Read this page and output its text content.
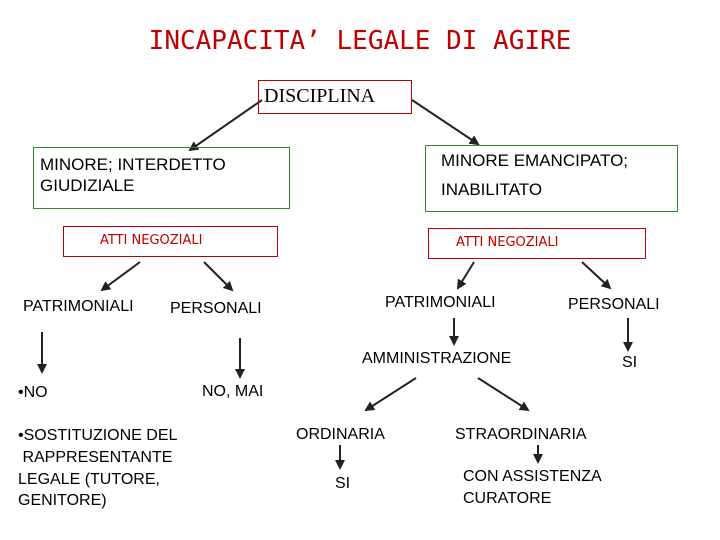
INCAPACITA’ LEGALE DI AGIRE
DISCIPLINA
MINORE; INTERDETTO
GIUDIZIALE
MINORE EMANCIPATO;
INABILITATO
ATTI NEGOZIALI	ATTI NEGOZIALI
PATRIMONIALI PERSONALI
•NO	NO, MAI
•SOSTITUZIONE DEL
RAPPRESENTANTE
LEGALE (TUTORE,
GENITORE)
PATRIMONIALI	PERSONALI
AMMINISTRAZIONE	SI
ORDINARIA
SI
STRAORDINARIA
CON ASSISTENZA
CURATORE
